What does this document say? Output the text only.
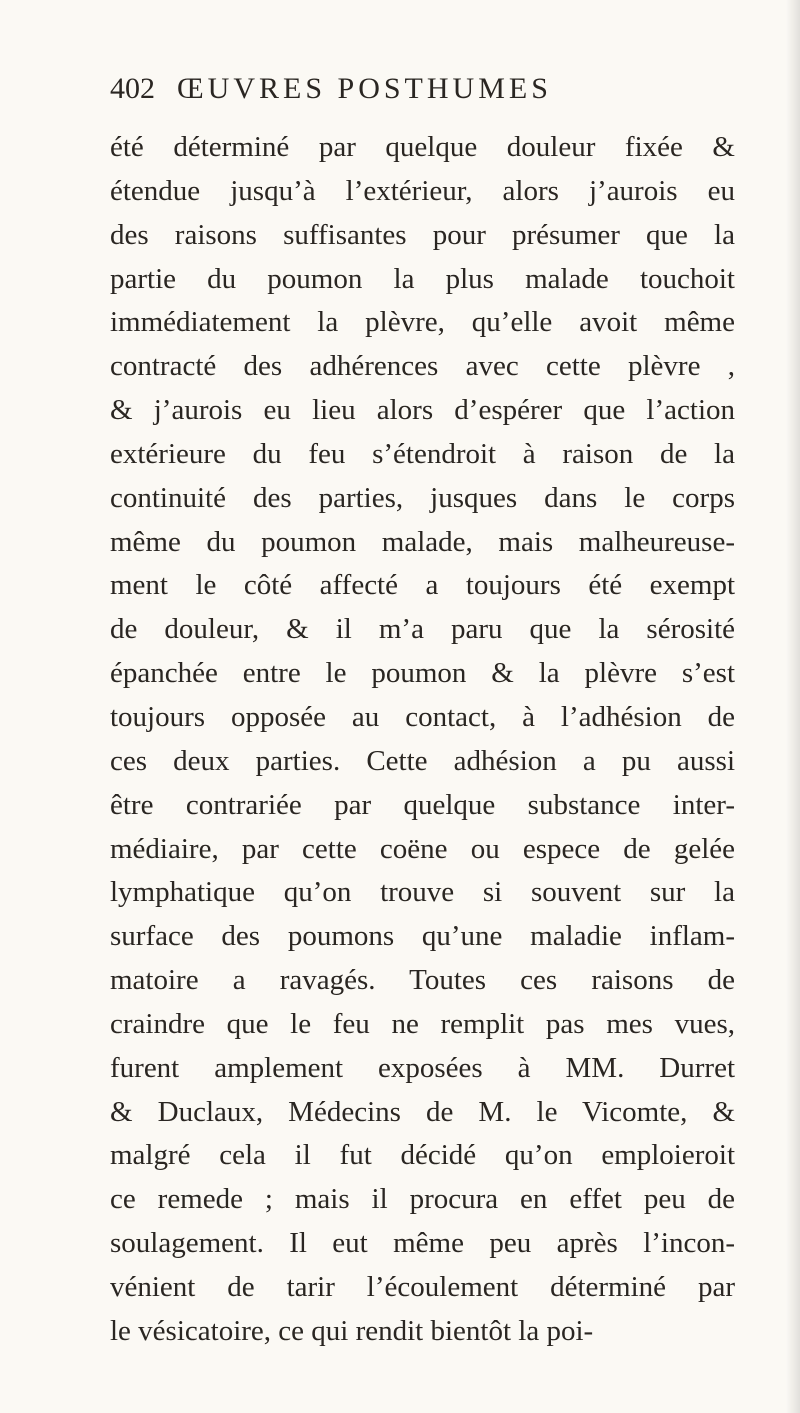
402 ŒUVRES POSTHUMES
été déterminé par quelque douleur fixée &
étendue jusqu’à l’extérieur, alors j’aurois eu
des raisons suffisantes pour présumer que la
partie du poumon la plus malade touchoit
immédiatement la plèvre, qu’elle avoit même
contracté des adhérences avec cette plèvre ,
& j’aurois eu lieu alors d’espérer que l’action
extérieure du feu s’étendroit à raison de la
continuité des parties, jusques dans le corps
même du poumon malade, mais malheureuse-
ment le côté affecté a toujours été exempt
de douleur, & il m’a paru que la sérosité
épanchée entre le poumon & la plèvre s’est
toujours opposée au contact, à l’adhésion de
ces deux parties. Cette adhésion a pu aussi
être contrariée par quelque substance inter-
médiaire, par cette coëne ou espece de gelée
lymphatique qu’on trouve si souvent sur la
surface des poumons qu’une maladie inflam-
matoire a ravagés. Toutes ces raisons de
craindre que le feu ne remplit pas mes vues,
furent amplement exposées à MM. Durret
& Duclaux, Médecins de M. le Vicomte, &
malgré cela il fut décidé qu’on emploieroit
ce remede ; mais il procura en effet peu de
soulagement. Il eut même peu après l’incon-
vénient de tarir l’écoulement déterminé par
le vésicatoire, ce qui rendit bientôt la poi-
